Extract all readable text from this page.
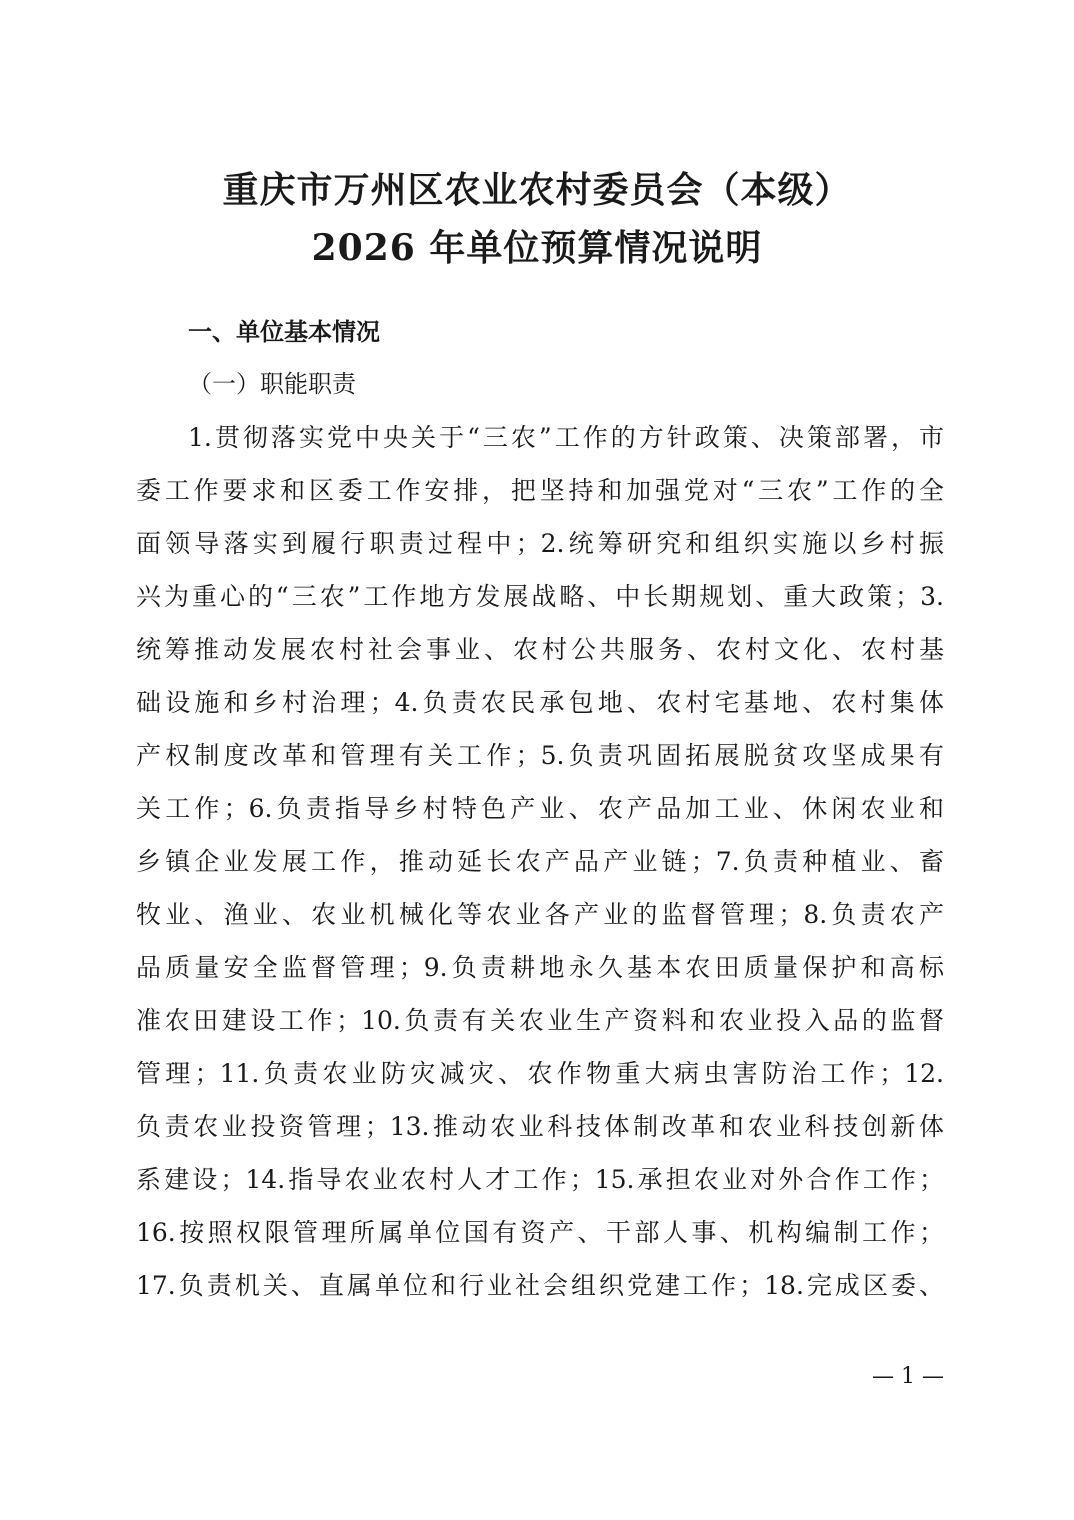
重庆市万州区农业农村委员会（本级）
2026 年单位预算情况说明
一、单位基本情况
（一）职能职责
1.贯彻落实党中央关于“三农”工作的方针政策、决策部署，市
委工作要求和区委工作安排，把坚持和加强党对“三农”工作的全
面领导落实到履行职责过程中；2.统筹研究和组织实施以乡村振
兴为重心的“三农”工作地方发展战略、中长期规划、重大政策；3.
统筹推动发展农村社会事业、农村公共服务、农村文化、农村基
础设施和乡村治理；4.负责农民承包地、农村宅基地、农村集体
产权制度改革和管理有关工作；5.负责巩固拓展脱贫攻坚成果有
关工作；6.负责指导乡村特色产业、农产品加工业、休闲农业和
乡镇企业发展工作，推动延长农产品产业链；7.负责种植业、畜
牧业、渔业、农业机械化等农业各产业的监督管理；8.负责农产
品质量安全监督管理；9.负责耕地永久基本农田质量保护和高标
准农田建设工作；10.负责有关农业生产资料和农业投入品的监督
管理；11.负责农业防灾减灾、农作物重大病虫害防治工作；12.
负责农业投资管理；13.推动农业科技体制改革和农业科技创新体
系建设；14.指导农业农村人才工作；15.承担农业对外合作工作；
16.按照权限管理所属单位国有资产、干部人事、机构编制工作；
17.负责机关、直属单位和行业社会组织党建工作；18.完成区委、
— 1 —
